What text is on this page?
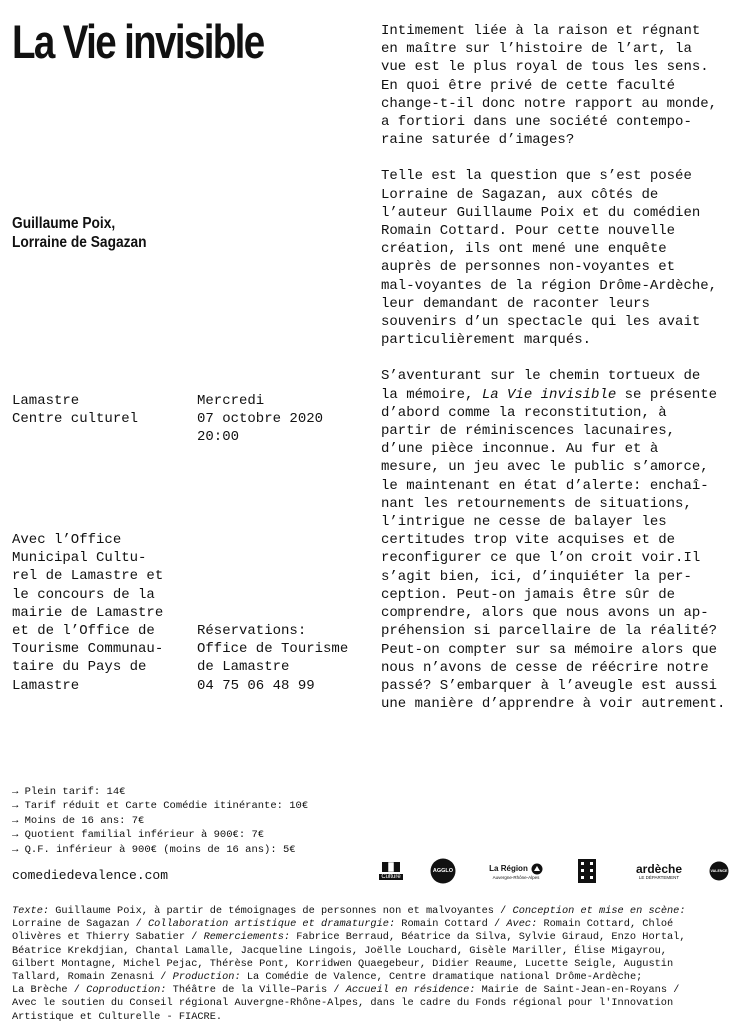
La Vie invisible
Guillaume Poix,
Lorraine de Sagazan
Lamastre
Centre culturel
Mercredi
07 octobre 2020
20:00
Avec l’Office
Municipal Cultu-
rel de Lamastre et
le concours de la
mairie de Lamastre
et de l’Office de
Tourisme Communau-
taire du Pays de
Lamastre
Réservations:
Office de Tourisme
de Lamastre
04 75 06 48 99
Intimement liée à la raison et régnant
en maître sur l’histoire de l’art, la
vue est le plus royal de tous les sens.
En quoi être privé de cette faculté
change-t-il donc notre rapport au monde,
a fortiori dans une société contempo-
raine saturée d’images?
Telle est la question que s’est posée
Lorraine de Sagazan, aux côtés de
l’auteur Guillaume Poix et du comédien
Romain Cottard. Pour cette nouvelle
création, ils ont mené une enquête
auprès de personnes non-voyantes et
mal-voyantes de la région Drôme-Ardèche,
leur demandant de raconter leurs
souvenirs d’un spectacle qui les avait
particulièrement marqués.
S’aventurant sur le chemin tortueux de
la mémoire, La Vie invisible se présente
d’abord comme la reconstitution, à
partir de réminiscences lacunaires,
d’une pièce inconnue. Au fur et à
mesure, un jeu avec le public s’amorce,
le maintenant en état d’alerte: enchaî-
nant les retournements de situations,
l’intrigue ne cesse de balayer les
certitudes trop vite acquises et de
reconfigurer ce que l’on croit voir.Il
s’agit bien, ici, d’inquiéter la per-
ception. Peut-on jamais être sûr de
comprendre, alors que nous avons un ap-
préhension si parcellaire de la réalité?
Peut-on compter sur sa mémoire alors que
nous n’avons de cesse de réécrire notre
passé? S’embarquer à l’aveugle est aussi
une manière d’apprendre à voir autrement.
→ Plein tarif: 14€
→ Tarif réduit et Carte Comédie itinérante: 10€
→ Moins de 16 ans: 7€
→ Quotient familial inférieur à 900€: 7€
→ Q.F. inférieur à 900€ (moins de 16 ans): 5€
comediedevalence.com	Culture
AGGLO	La Région
Auvergne-Rhône-Alpes
ardèche
LE DÉPARTEMENT
VALENCE
Texte: Guillaume Poix, à partir de témoignages de personnes non et malvoyantes / Conception et mise en scène:
Lorraine de Sagazan / Collaboration artistique et dramaturgie: Romain Cottard / Avec: Romain Cottard, Chloé
Olivères et Thierry Sabatier / Remerciements: Fabrice Berraud, Béatrice da Silva, Sylvie Giraud, Enzo Hortal,
Béatrice Krekdjian, Chantal Lamalle, Jacqueline Lingois, Joëlle Louchard, Gisèle Mariller, Élise Migayrou,
Gilbert Montagne, Michel Pejac, Thérèse Pont, Korridwen Quaegebeur, Didier Reaume, Lucette Seigle, Augustin
Tallard, Romain Zenasni / Production: La Comédie de Valence, Centre dramatique national Drôme-Ardèche;
La Brèche / Coproduction: Théâtre de la Ville–Paris / Accueil en résidence: Mairie de Saint-Jean-en-Royans /
Avec le soutien du Conseil régional Auvergne-Rhône-Alpes, dans le cadre du Fonds régional pour l'Innovation
Artistique et Culturelle - FIACRE.
